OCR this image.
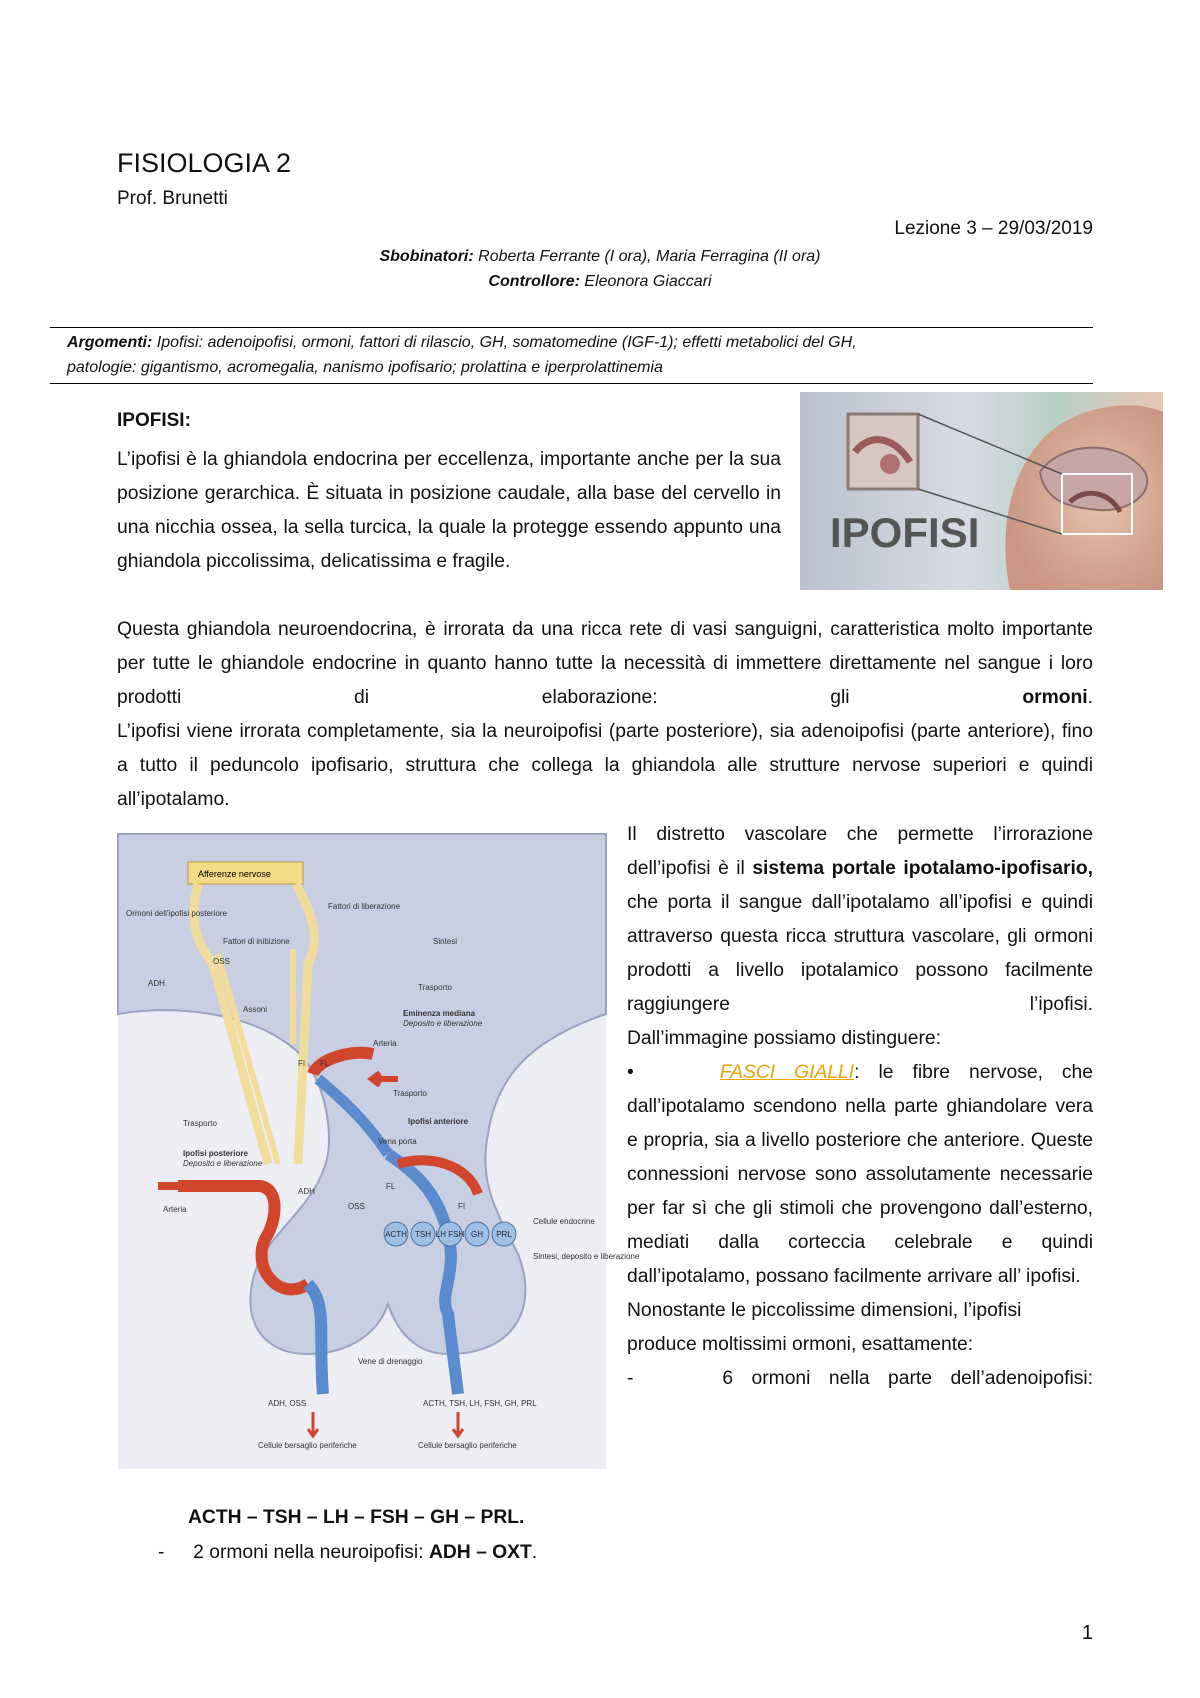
FISIOLOGIA 2
Prof. Brunetti
Lezione 3 – 29/03/2019
Sbobinatori: Roberta Ferrante (I ora), Maria Ferragina (II ora)
Controllore: Eleonora Giaccari
Argomenti: Ipofisi: adenoipofisi, ormoni, fattori di rilascio, GH, somatomedine (IGF-1); effetti metabolici del GH,
patologie: gigantismo, acromegalia, nanismo ipofisario; prolattina e iperprolattinemia
IPOFISI:
L’ipofisi è la ghiandola endocrina per eccellenza, importante anche per la sua posizione gerarchica. È situata in posizione caudale, alla base del cervello in una nicchia ossea, la sella turcica, la quale la protegge essendo appunto una ghiandola piccolissima, delicatissima e fragile.
IPOFISI
Questa ghiandola neuroendocrina, è irrorata da una ricca rete di vasi sanguigni, caratteristica molto importante per tutte le ghiandole endocrine in quanto hanno tutte la necessità di immettere direttamente nel sangue i loro prodotti di elaborazione: gli	ormoni.
L’ipofisi viene irrorata completamente, sia la neuroipofisi (parte posteriore), sia adenoipofisi (parte anteriore), fino a tutto il peduncolo ipofisario, struttura che collega la ghiandola alle strutture nervose superiori e quindi all’ipotalamo.
Afferenze nervose
ACTH TSH LH FSH GH PRL
Ormoni dell’ipofisi posteriore
Fattori di inibizione
Fattori di liberazione
Sintesi
OSS
ADH	Trasporto
Assoni	Eminenza mediana
Deposito e liberazione
Arteria
FI FL
Trasporto
Trasporto	Ipofisi anteriore
Ipofisi posteriore
Deposito e liberazione
Vena porta
FL
FI
ADH
OSS
Arteria
Cellule endocrine
Sintesi, deposito e liberazione
Vene di drenaggio
ADH, OSS	ACTH, TSH, LH, FSH, GH, PRL
Cellule bersaglio periferiche	Cellule bersaglio periferiche
Il distretto vascolare che permette l’irrorazione dell’ipofisi è il sistema portale ipotalamo-ipofisario, che porta il sangue dall’ipotalamo all’ipofisi e quindi attraverso questa ricca struttura vascolare, gli ormoni prodotti a livello ipotalamico possono facilmente raggiungere l’ipofisi.
Dall’immagine possiamo distinguere:
•	FASCI GIALLI: le fibre nervose, che dall’ipotalamo scendono nella parte ghiandolare vera e propria, sia a livello posteriore che anteriore. Queste connessioni nervose sono assolutamente necessarie per far sì che gli stimoli che provengono dall’esterno, mediati dalla corteccia celebrale e quindi dall’ipotalamo, possano facilmente arrivare all’ ipofisi.
Nonostante le piccolissime dimensioni, l’ipofisi produce moltissimi ormoni, esattamente:
-	6 ormoni nella parte dell’adenoipofisi:
ACTH – TSH – LH – FSH – GH – PRL.
- 2 ormoni nella neuroipofisi: ADH – OXT.
1
